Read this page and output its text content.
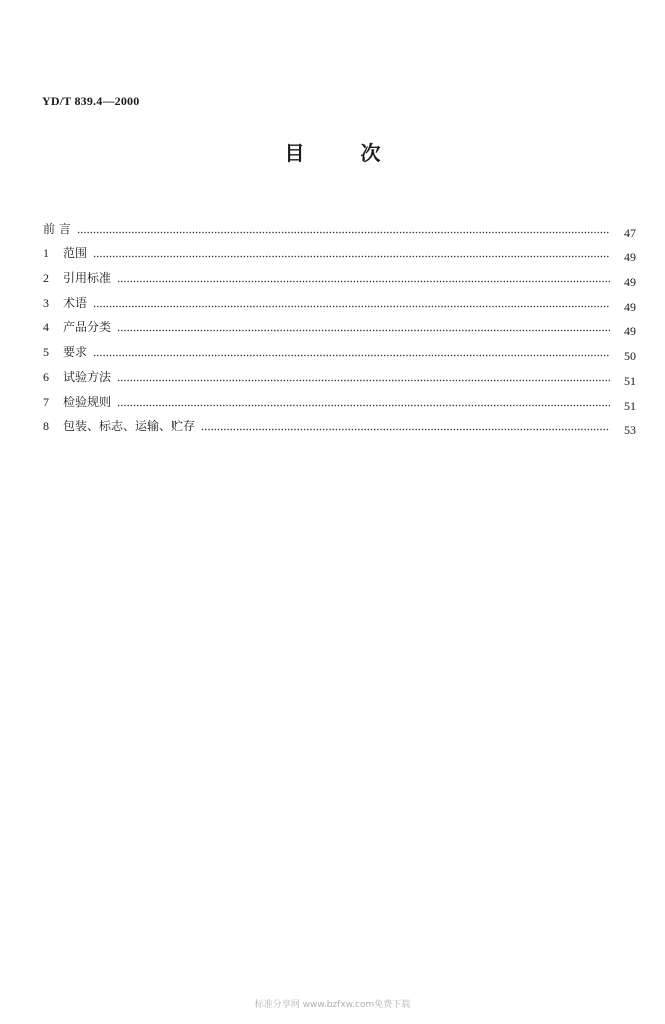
YD/T 839.4—2000
目	次
前 言	47
1	范围	49
2	引用标准	49
3	术语	49
4	产品分类	49
5	要求	50
6	试验方法	51
7	检验规则	51
8	包装、标志、运输、贮存	53
标准分享网 www.bzfxw.com免费下载
